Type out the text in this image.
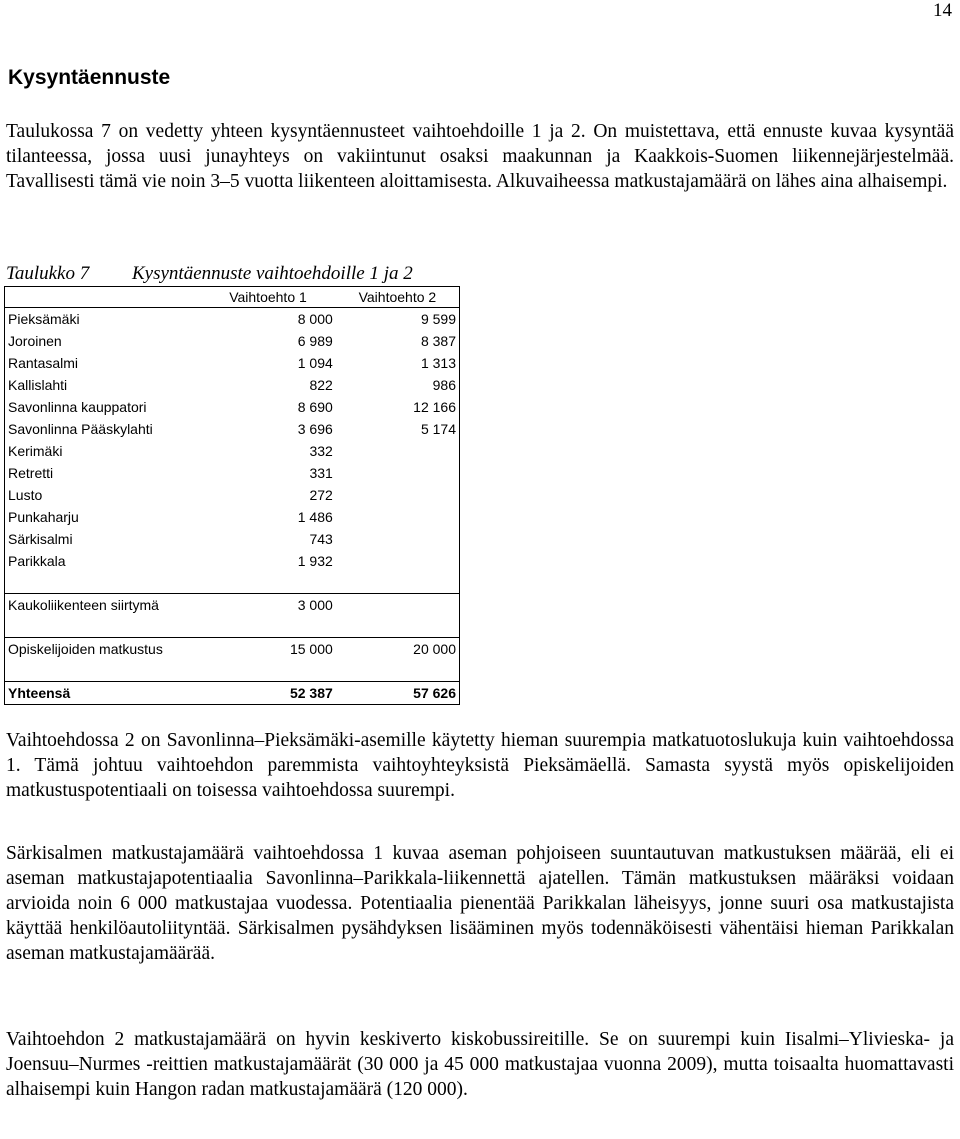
14
Kysyntäennuste

Taulukossa 7 on vedetty yhteen kysyntäennusteet vaihtoehdoille 1 ja 2. On muistettava, että ennuste kuvaa kysyntää tilanteessa, jossa uusi junayhteys on vakiintunut osaksi maakunnan ja Kaakkois-Suomen liikennejärjestelmää. Tavallisesti tämä vie noin 3–5 vuotta liikenteen aloittamisesta. Alkuvaiheessa matkustajamäärä on lähes aina alhaisempi.

Taulukko 7 Kysyntäennuste vaihtoehdoille 1 ja 2
	Vaihtoehto 1	Vaihtoehto 2
Pieksämäki	8 000	9 599
Joroinen	6 989	8 387
Rantasalmi	1 094	1 313
Kallislahti	822	986
Savonlinna kauppatori	8 690	12 166
Savonlinna Pääskylahti	3 696	5 174
Kerimäki	332	
Retretti	331	
Lusto	272	
Punkaharju	1 486	
Särkisalmi	743	
Parikkala	1 932	

Kaukoliikenteen siirtymä	3 000	

Opiskelijoiden matkustus	15 000	20 000

Yhteensä	52 387	57 626

Vaihtoehdossa 2 on Savonlinna–Pieksämäki-asemille käytetty hieman suurempia matkatuotoslukuja kuin vaihtoehdossa 1. Tämä johtuu vaihtoehdon paremmista vaihtoyhteyksistä Pieksämäellä. Samasta syystä myös opiskelijoiden matkustuspotentiaali on toisessa vaihtoehdossa suurempi.

Särkisalmen matkustajamäärä vaihtoehdossa 1 kuvaa aseman pohjoiseen suuntautuvan matkustuksen määrää, eli ei aseman matkustajapotentiaalia Savonlinna–Parikkala-liikennettä ajatellen. Tämän matkustuksen määräksi voidaan arvioida noin 6 000 matkustajaa vuodessa. Potentiaalia pienentää Parikkalan läheisyys, jonne suuri osa matkustajista käyttää henkilöautoliityntää. Särkisalmen pysähdyksen lisääminen myös todennäköisesti vähentäisi hieman Parikkalan aseman matkustajamäärää.

Vaihtoehdon 2 matkustajamäärä on hyvin keskiverto kiskobussireitille. Se on suurempi kuin Iisalmi–Ylivieska- ja Joensuu–Nurmes -reittien matkustajamäärät (30 000 ja 45 000 matkustajaa vuonna 2009), mutta toisaalta huomattavasti alhaisempi kuin Hangon radan matkustajamäärä (120 000).
